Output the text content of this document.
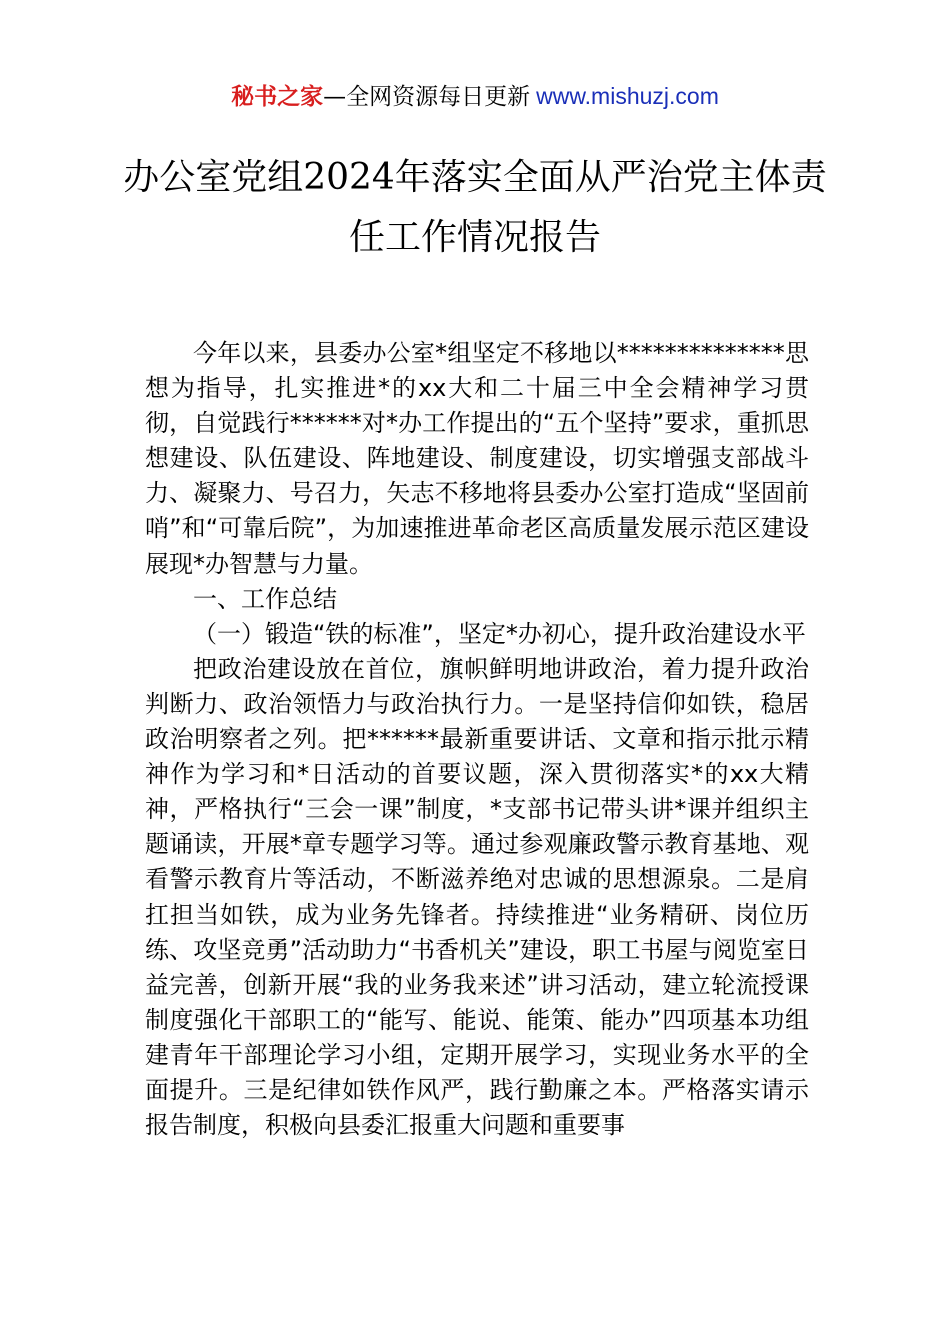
秘书之家—全网资源每日更新 www.mishuzj.com
办公室党组2024年落实全面从严治党主体责任工作情况报告

今年以来，县委办公室*组坚定不移地以**************思想为指导，扎实推进*的xx大和二十届三中全会精神学习贯彻，自觉践行******对*办工作提出的“五个坚持”要求，重抓思想建设、队伍建设、阵地建设、制度建设，切实增强支部战斗力、凝聚力、号召力，矢志不移地将县委办公室打造成“坚固前哨”和“可靠后院”，为加速推进革命老区高质量发展示范区建设展现*办智慧与力量。

一、工作总结

（一）锻造“铁的标准”，坚定*办初心，提升政治建设水平

把政治建设放在首位，旗帜鲜明地讲政治，着力提升政治判断力、政治领悟力与政治执行力。一是坚持信仰如铁，稳居政治明察者之列。把******最新重要讲话、文章和指示批示精神作为学习和*日活动的首要议题，深入贯彻落实*的xx大精神，严格执行“三会一课”制度，*支部书记带头讲*课并组织主题诵读，开展*章专题学习等。通过参观廉政警示教育基地、观看警示教育片等活动，不断滋养绝对忠诚的思想源泉。二是肩扛担当如铁，成为业务先锋者。持续推进“业务精研、岗位历练、攻坚竞勇”活动助力“书香机关”建设，职工书屋与阅览室日益完善，创新开展“我的业务我来述”讲习活动，建立轮流授课制度强化干部职工的“能写、能说、能策、能办”四项基本功组建青年干部理论学习小组，定期开展学习，实现业务水平的全面提升。三是纪律如铁作风严，践行勤廉之本。严格落实请示报告制度，积极向县委汇报重大问题和重要事
